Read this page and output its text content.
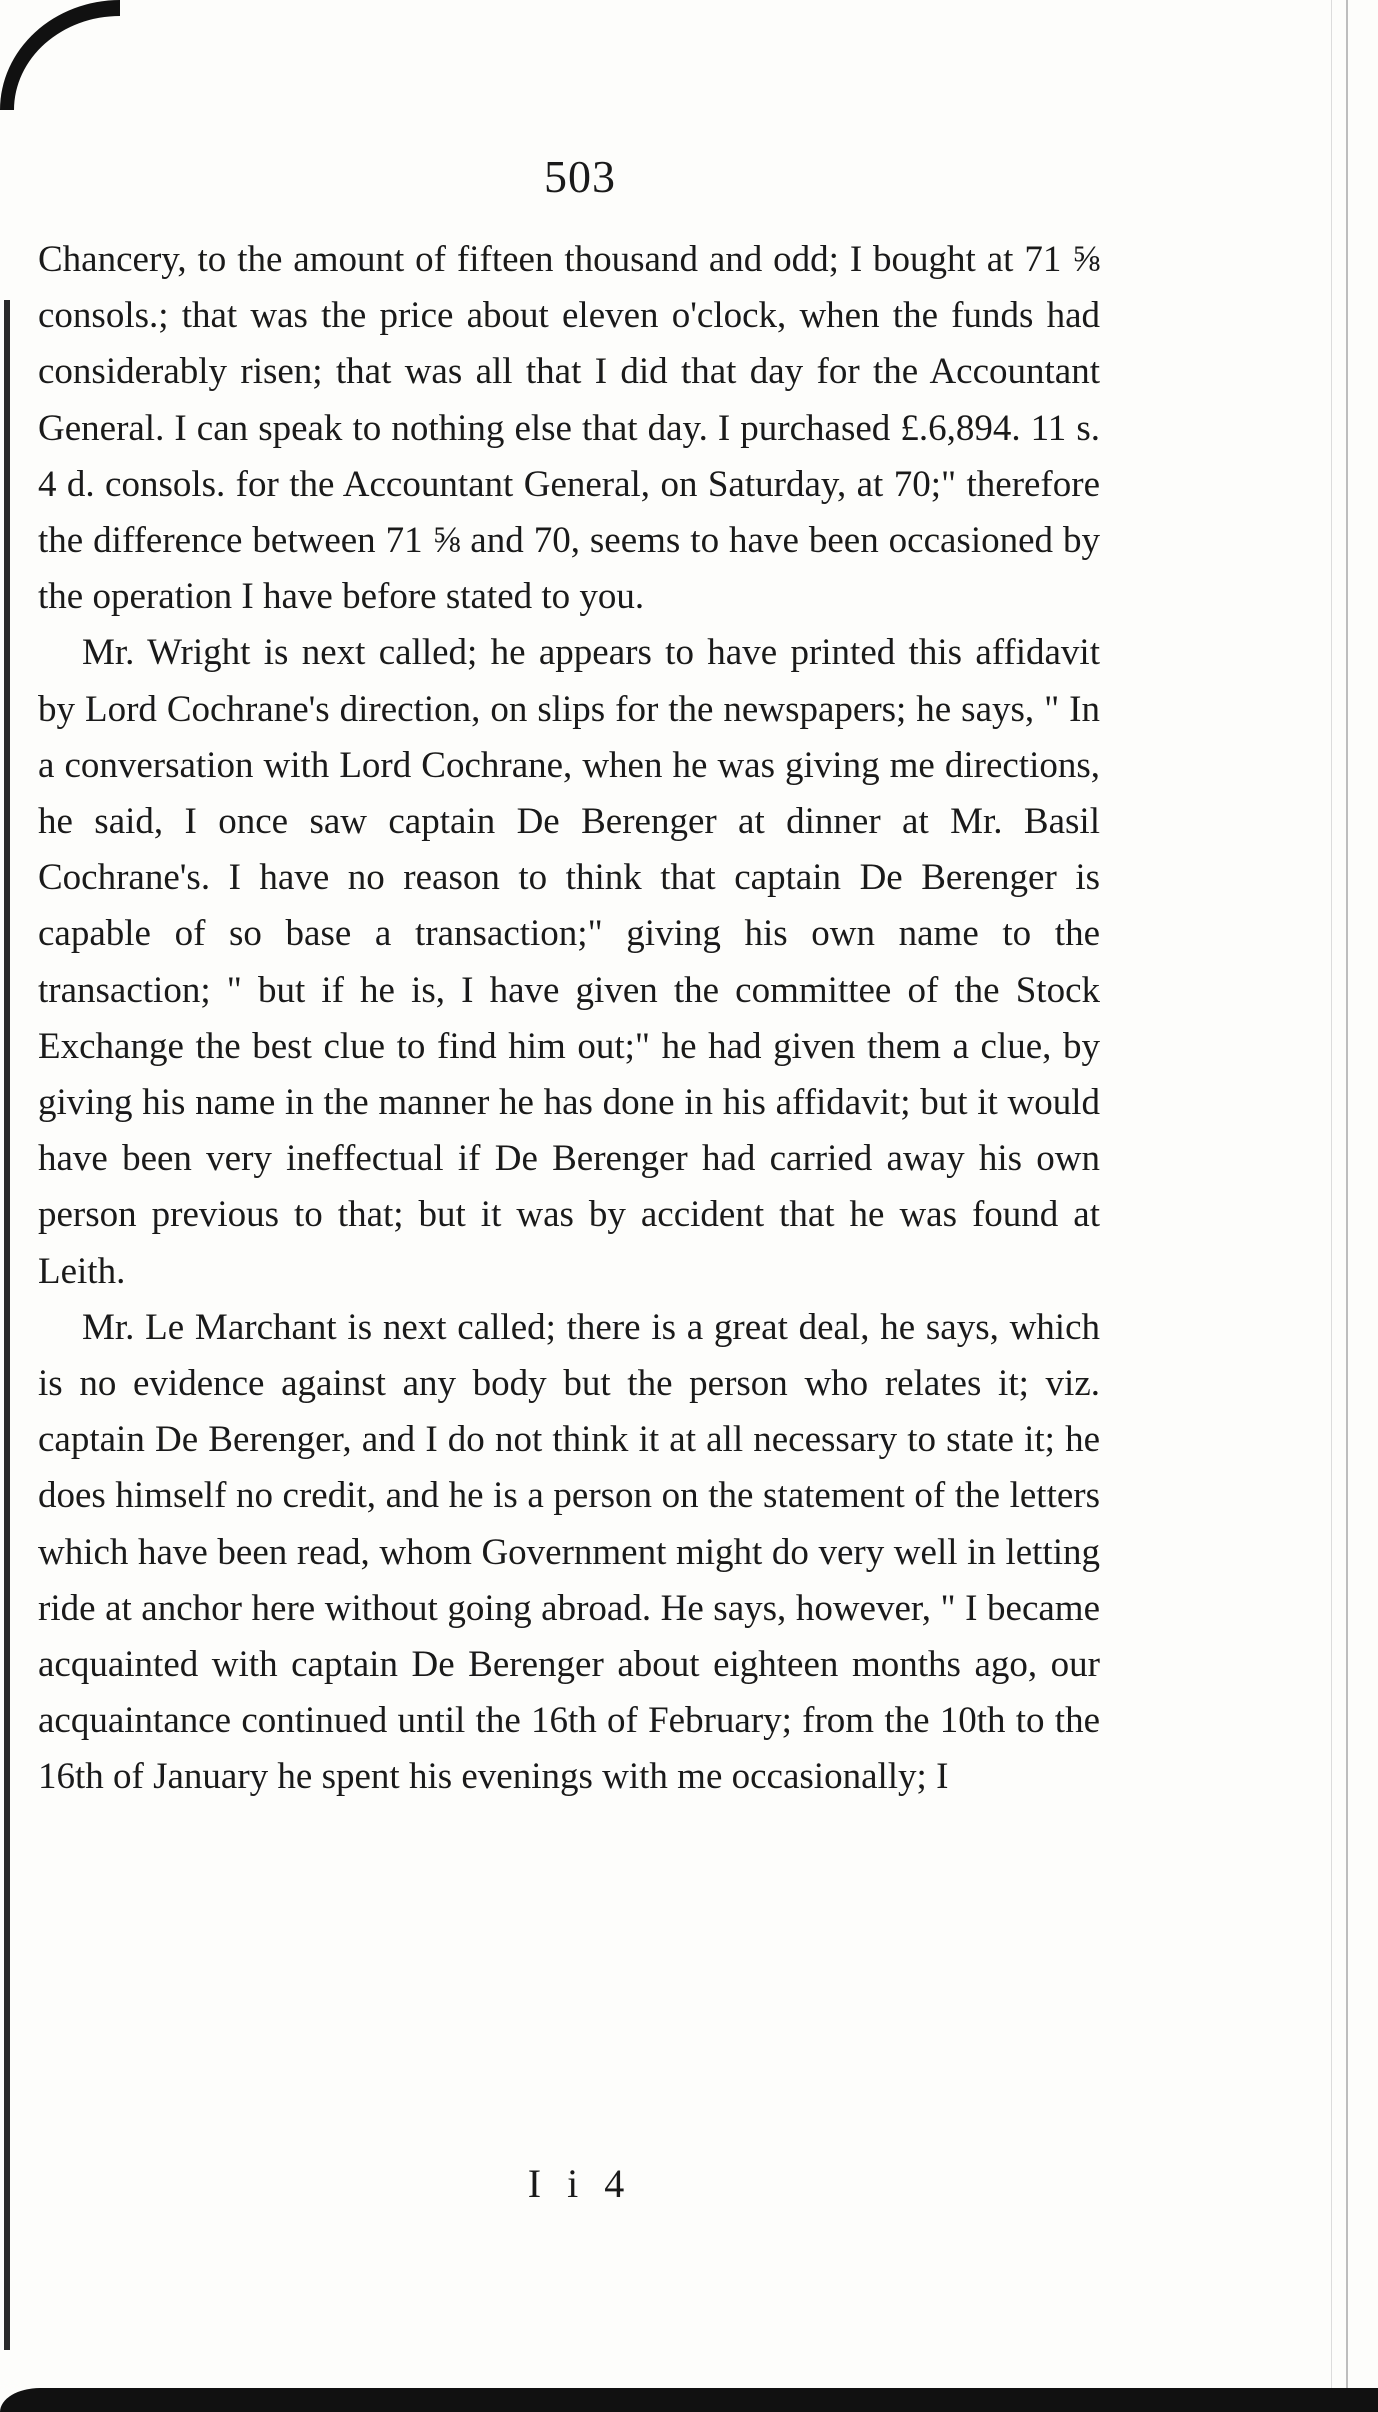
503

Chancery, to the amount of fifteen thousand and odd; I bought at 71 ⅝ consols.; that was the price about eleven o'clock, when the funds had considerably risen; that was all that I did that day for the Accountant General. I can speak to nothing else that day. I purchased £.6,894. 11 s. 4 d. consols. for the Accountant General, on Saturday, at 70;" therefore the difference between 71 ⅝ and 70, seems to have been occasioned by the operation I have before stated to you.

Mr. Wright is next called; he appears to have printed this affidavit by Lord Cochrane's direction, on slips for the newspapers; he says, " In a conversation with Lord Cochrane, when he was giving me directions, he said, I once saw captain De Berenger at dinner at Mr. Basil Cochrane's. I have no reason to think that captain De Berenger is capable of so base a transaction;" giving his own name to the transaction; " but if he is, I have given the committee of the Stock Exchange the best clue to find him out;" he had given them a clue, by giving his name in the manner he has done in his affidavit; but it would have been very ineffectual if De Berenger had carried away his own person previous to that; but it was by accident that he was found at Leith.

Mr. Le Marchant is next called; there is a great deal, he says, which is no evidence against any body but the person who relates it; viz. captain De Berenger, and I do not think it at all necessary to state it; he does himself no credit, and he is a person on the statement of the letters which have been read, whom Government might do very well in letting ride at anchor here without going abroad. He says, however, " I became acquainted with captain De Berenger about eighteen months ago, our acquaintance continued until the 16th of February; from the 10th to the 16th of January he spent his evenings with me occasionally; I

I i 4
